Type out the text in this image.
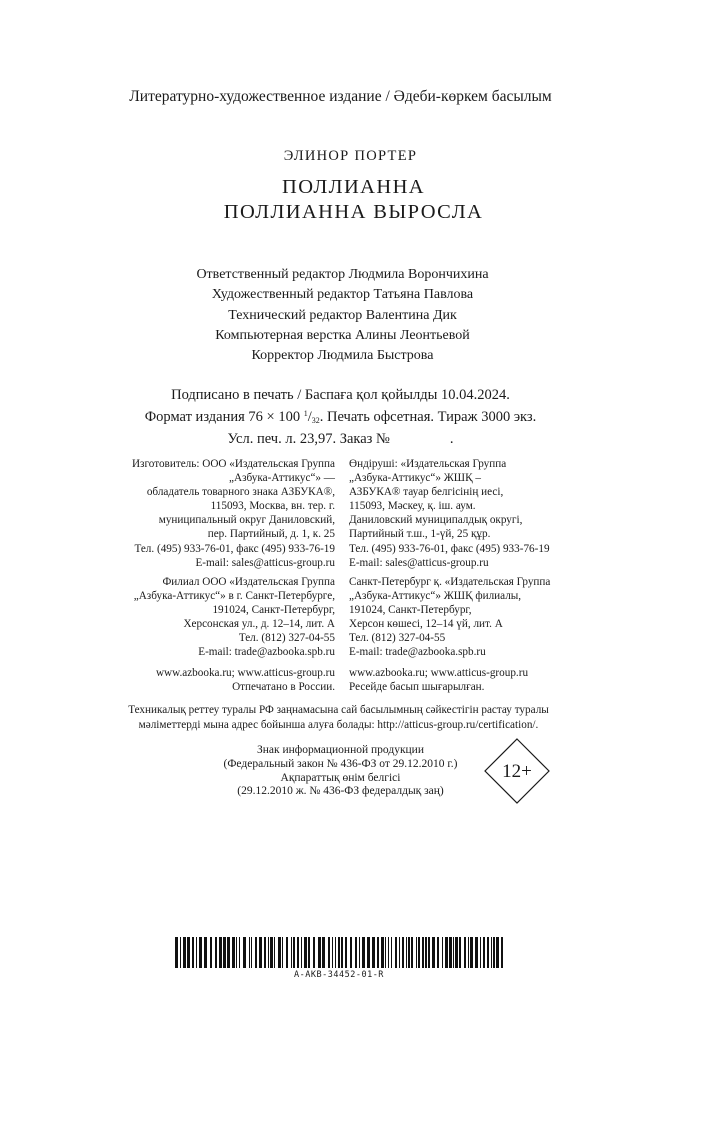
Литературно-художественное издание / Әдеби-көркем басылым
ЭЛИНОР ПОРТЕР
ПОЛЛИАННА
ПОЛЛИАННА ВЫРОСЛА
Ответственный редактор Людмила Ворончихина
Художественный редактор Татьяна Павлова
Технический редактор Валентина Дик
Компьютерная верстка Алины Леонтьевой
Корректор Людмила Быстрова
Подписано в печать / Баспаға қол қойылды 10.04.2024.
Формат издания 76 × 100 $^1/_{32}$. Печать офсетная. Тираж 3000 экз.
Усл. печ. л. 23,97. Заказ №	.
Изготовитель: ООО «Издательская Группа
„Азбука-Аттикус“» —
обладатель товарного знака АЗБУКА®,
115093, Москва, вн. тер. г.
муниципальный округ Даниловский,
пер. Партийный, д. 1, к. 25
Тел. (495) 933-76-01, факс (495) 933-76-19
E-mail: sales@atticus-group.ru
Өндіруші: «Издательская Группа
„Азбука-Аттикус“» ЖШҚ –
АЗБУКА® тауар белгісінің иесі,
115093, Мәскеу, қ. іш. аум.
Даниловский муниципалдық округі,
Партийный т.ш., 1-үй, 25 құр.
Тел. (495) 933-76-01, факс (495) 933-76-19
E-mail: sales@atticus-group.ru
Филиал ООО «Издательская Группа
„Азбука-Аттикус“» в г. Санкт-Петербурге,
191024, Санкт-Петербург,
Херсонская ул., д. 12–14, лит. А
Тел. (812) 327-04-55
E-mail: trade@azbooka.spb.ru
Санкт-Петербург қ. «Издательская Группа
„Азбука-Аттикус“» ЖШҚ филиалы,
191024, Санкт-Петербург,
Херсон көшесі, 12–14 үй, лит. А
Тел. (812) 327-04-55
E-mail: trade@azbooka.spb.ru
www.azbooka.ru; www.atticus-group.ru
Отпечатано в России.
www.azbooka.ru; www.atticus-group.ru
Ресейде басып шығарылған.
Техникалық реттеу туралы РФ заңнамасына сай басылымның сәйкестігін растау туралы
мәліметтерді мына адрес бойынша алуға болады: http://atticus-group.ru/certification/.
Знак информационной продукции
(Федеральный закон № 436-ФЗ от 29.12.2010 г.)
Ақпараттық өнім белгісі
(29.12.2010 ж. № 436-ФЗ федералдық заң)
12+
A-AKB-34452-01-R
